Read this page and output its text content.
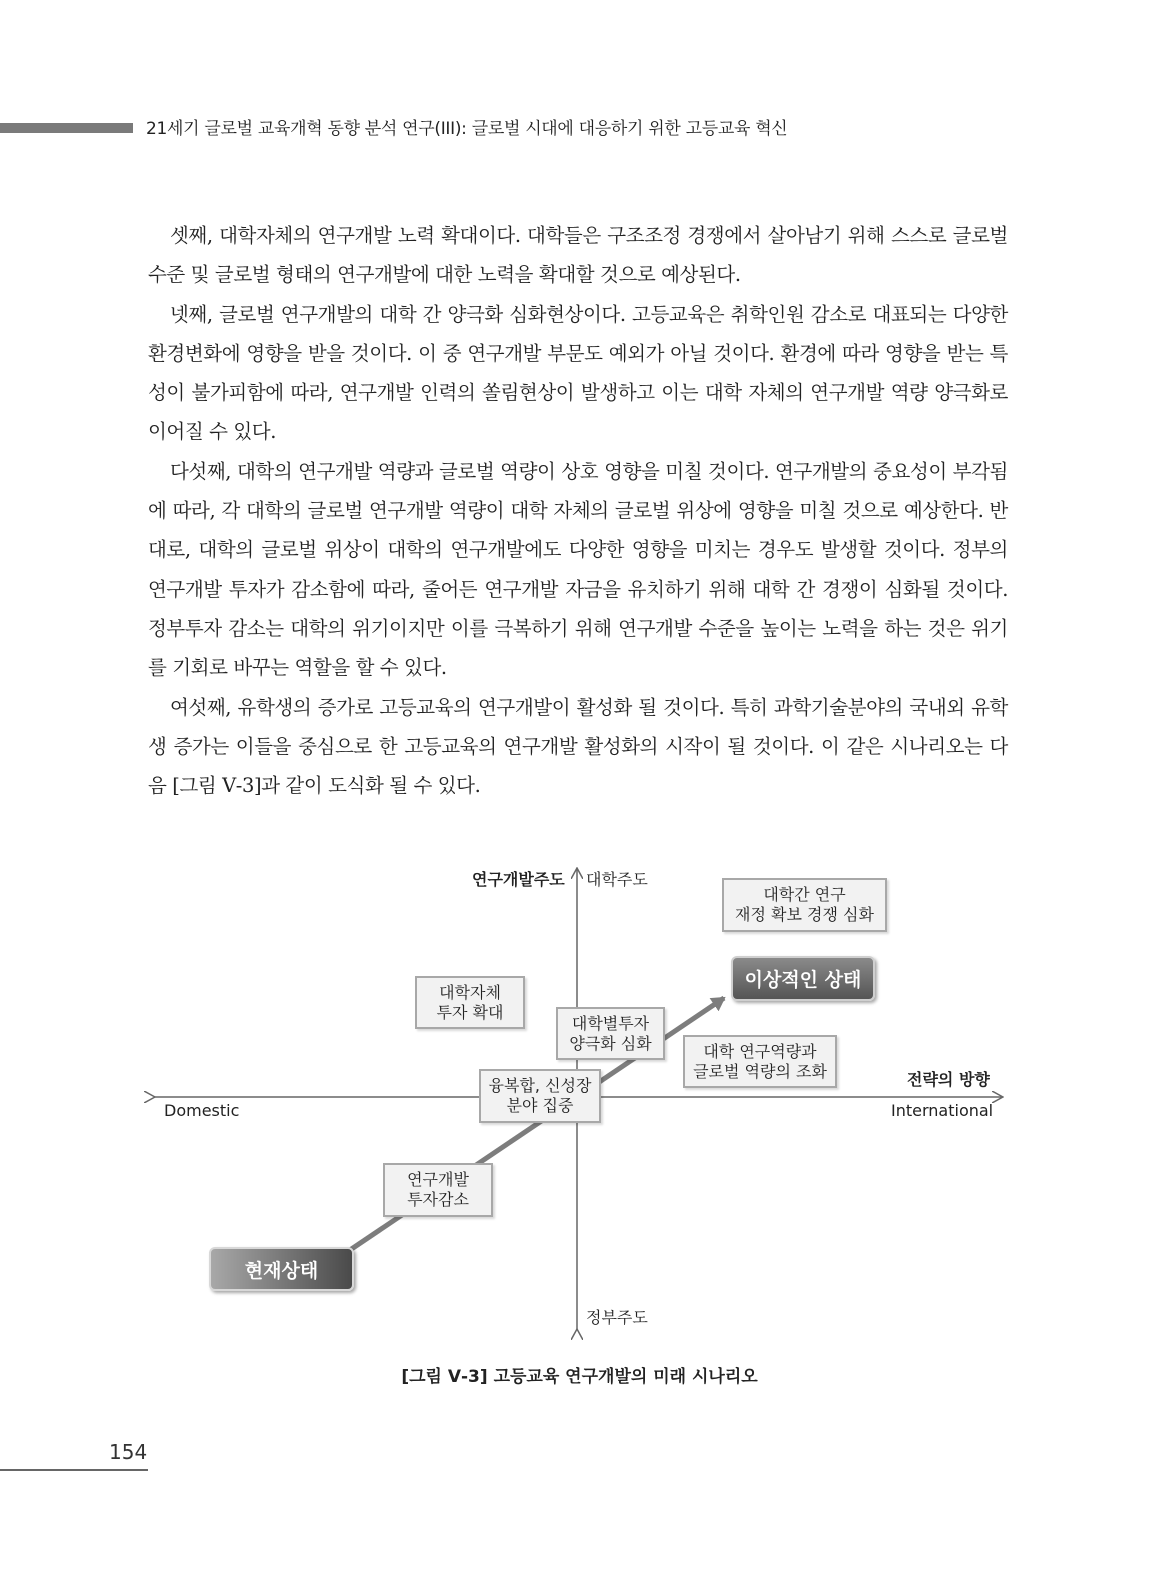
21세기 글로벌 교육개혁 동향 분석 연구(III): 글로벌 시대에 대응하기 위한 고등교육 혁신

셋째, 대학자체의 연구개발 노력 확대이다. 대학들은 구조조정 경쟁에서 살아남기 위해 스스로 글로벌 수준 및 글로벌 형태의 연구개발에 대한 노력을 확대할 것으로 예상된다.

넷째, 글로벌 연구개발의 대학 간 양극화 심화현상이다. 고등교육은 취학인원 감소로 대표되는 다양한 환경변화에 영향을 받을 것이다. 이 중 연구개발 부문도 예외가 아닐 것이다. 환경에 따라 영향을 받는 특성이 불가피함에 따라, 연구개발 인력의 쏠림현상이 발생하고 이는 대학 자체의 연구개발 역량 양극화로 이어질 수 있다.

다섯째, 대학의 연구개발 역량과 글로벌 역량이 상호 영향을 미칠 것이다. 연구개발의 중요성이 부각됨에 따라, 각 대학의 글로벌 연구개발 역량이 대학 자체의 글로벌 위상에 영향을 미칠 것으로 예상한다. 반대로, 대학의 글로벌 위상이 대학의 연구개발에도 다양한 영향을 미치는 경우도 발생할 것이다. 정부의 연구개발 투자가 감소함에 따라, 줄어든 연구개발 자금을 유치하기 위해 대학 간 경쟁이 심화될 것이다. 정부투자 감소는 대학의 위기이지만 이를 극복하기 위해 연구개발 수준을 높이는 노력을 하는 것은 위기를 기회로 바꾸는 역할을 할 수 있다.

여섯째, 유학생의 증가로 고등교육의 연구개발이 활성화 될 것이다. 특히 과학기술분야의 국내외 유학생 증가는 이들을 중심으로 한 고등교육의 연구개발 활성화의 시작이 될 것이다. 이 같은 시나리오는 다음 [그림 Ⅴ-3]과 같이 도식화 될 수 있다.

연구개발주도 대학주도
정부주도
전략의 방향
Domestic	International
대학간 연구
재정 확보 경쟁 심화
대학자체
투자 확대
대학별투자
양극화 심화	대학 연구역량과
글로벌 역량의 조화
융복합, 신성장
분야 집중
연구개발
투자감소
이상적인 상태
현재상태
[그림 Ⅴ-3] 고등교육 연구개발의 미래 시나리오
154
